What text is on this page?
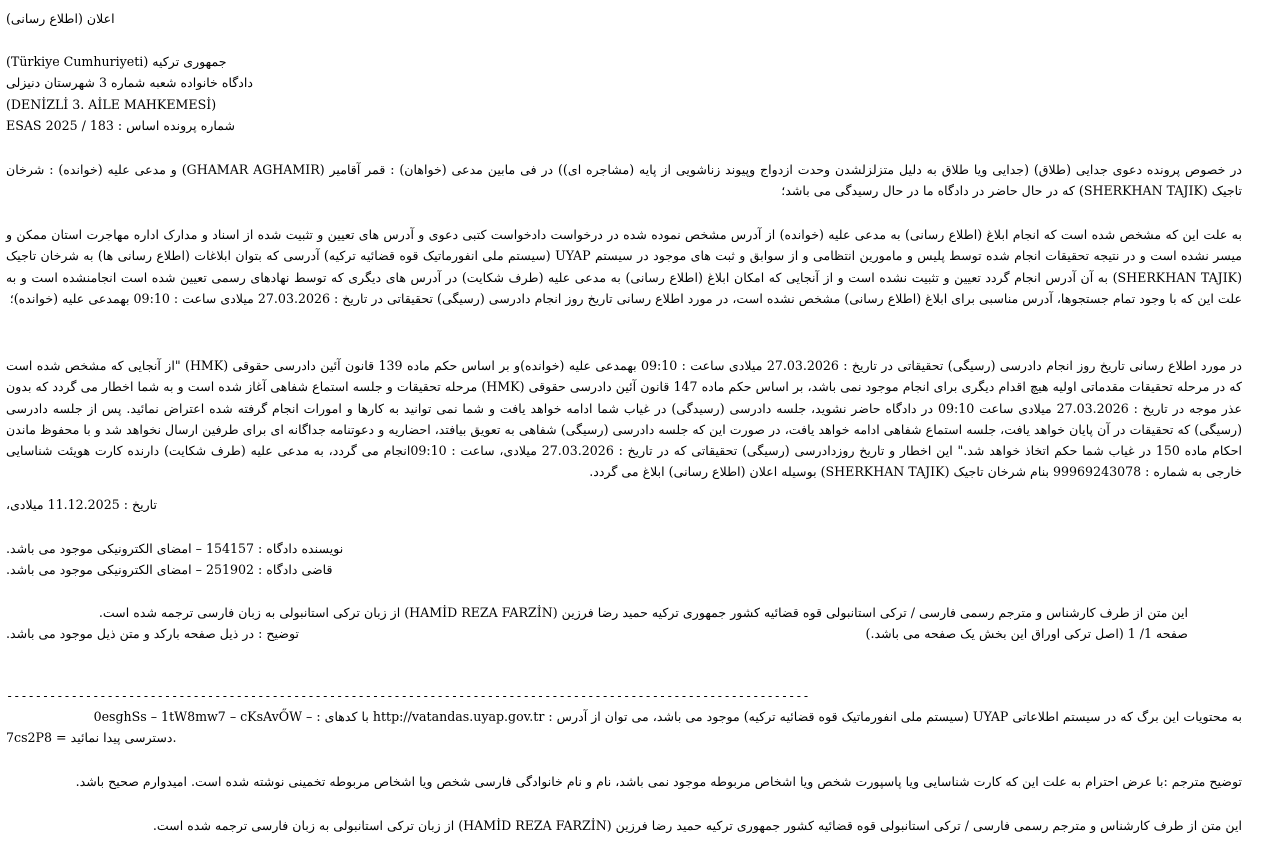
اعلان (اطلاع رسانی)

جمهوری ترکیه (Türkiye Cumhuriyeti)

دادگاه خانواده شعبه شماره 3 شهرستان دنیزلی

(DENİZLİ 3. AİLE MAHKEMESİ)

شماره پرونده اساس : 183 / 2025 ESAS

در خصوص پرونده دعوی جدایی (طلاق) (جدایی ویا طلاق به دلیل متزلزلشدن وحدت ازدواج وپیوند زناشویی از پایه (مشاجره ای)) در فی مابین مدعی (خواهان) : قمر آقامیر (GHAMAR AGHAMIR) و مدعی علیه (خوانده) : شرخان تاجیک (SHERKHAN TAJIK) که در حال حاضر در دادگاه ما در حال رسیدگی می باشد؛
به علت این که مشخص شده است که انجام ابلاغ (اطلاع رسانی) به مدعی علیه (خوانده) از آدرس مشخص نموده شده در درخواست دادخواست کتبی دعوی و آدرس های تعیین و تثبیت شده از اسناد و مدارک اداره مهاجرت استان ممکن و میسر نشده است و در نتیجه تحقیقات انجام شده توسط پلیس و مامورین انتظامی و از سوابق و ثبت های موجود در سیستم UYAP (سیستم ملی انفورماتیک قوه قضائیه ترکیه) آدرسی که بتوان ابلاغات (اطلاع رسانی ها) به شرخان تاجیک (SHERKHAN TAJIK) به آن آدرس انجام گردد تعیین و تثبیت نشده است و از آنجایی که امکان ابلاغ (اطلاع رسانی) به مدعی علیه (طرف شکایت) در آدرس های دیگری که توسط نهادهای رسمی تعیین شده است انجامنشده است و به علت این که با وجود تمام جستجوها، آدرس مناسبی برای ابلاغ (اطلاع رسانی) مشخص نشده است، در مورد اطلاع رسانی تاریخ روز انجام دادرسی (رسیگی) تحقیقاتی در تاریخ : 27.03.2026 میلادی ساعت : 09:10 بهمدعی علیه (خوانده)؛
در مورد اطلاع رسانی تاریخ روز انجام دادرسی (رسیگی) تحقیقاتی در تاریخ : 27.03.2026 میلادی ساعت : 09:10 بهمدعی علیه (خوانده)و بر اساس حکم ماده 139 قانون آئین دادرسی حقوقی (HMK) "از آنجایی که مشخص شده است که در مرحله تحقیقات مقدماتی اولیه هیچ اقدام دیگری برای انجام موجود نمی باشد، بر اساس حکم ماده 147 قانون آئین دادرسی حقوقی (HMK) مرحله تحقیقات و جلسه استماع شفاهی آغاز شده است و به شما اخطار می گردد که بدون عذر موجه در تاریخ : 27.03.2026 میلادی ساعت 09:10 در دادگاه حاضر نشوید، جلسه دادرسی (رسیدگی) در غیاب شما ادامه خواهد یافت و شما نمی توانید به کارها و امورات انجام گرفته شده اعتراض نمائید. پس از جلسه دادرسی (رسیگی) که تحقیقات در آن پایان خواهد یافت، جلسه استماع شفاهی ادامه خواهد یافت، در صورت این که جلسه دادرسی (رسیگی) شفاهی به تعویق بیافتد، احضاریه و دعوتنامه جداگانه ای برای طرفین ارسال نخواهد شد و با محفوظ ماندن احکام ماده 150 در غیاب شما حکم اتخاذ خواهد شد." این اخطار و تاریخ روزدادرسی (رسیگی) تحقیقاتی که در تاریخ : 27.03.2026 میلادی، ساعت : 09:10انجام می گردد، به مدعی علیه (طرف شکایت) دارنده کارت هویئت شناسایی خارجی به شماره : 99969243078 بنام شرخان تاجیک (SHERKHAN TAJIK) بوسیله اعلان (اطلاع رسانی) ابلاغ می گردد.

تاریخ : 11.12.2025 میلادی،

نویسنده دادگاه : 154157 – امضای الکترونیکی موجود می باشد.

قاضی دادگاه : 251902 – امضای الکترونیکی موجود می باشد.

این متن از طرف کارشناس و مترجم رسمی فارسی / ترکی استانبولی قوه قضائیه کشور جمهوری ترکیه حمید رضا فرزین (HAMİD REZA FARZİN) از زبان ترکی استانبولی به زبان فارسی ترجمه شده است.

توضیح : در ذیل صفحه بارکد و متن ذیل موجود می باشد.	صفحه 1/ 1 (اصل ترکی اوراق این بخش یک صفحه می باشد.)
----------------------------------------------------------------------------------------------------------------

به محتویات این برگ که در سیستم اطلاعاتی UYAP (سیستم ملی انفورماتیک قوه قضائیه ترکیه) موجود می باشد، می توان از آدرس : http://vatandas.uyap.gov.tr با کدهای : – 0esghSs – 1tW8mw7 – cKsAvŐW

7cs2P8 = دسترسی پیدا نمائید.

توضیح مترجم :با عرض احترام به علت این که کارت شناسایی ویا پاسپورت شخص ویا اشخاص مربوطه موجود نمی باشد، نام و نام خانوادگی فارسی شخص ویا اشخاص مربوطه تخمینی نوشته شده است. امیدوارم صحیح باشد.

این متن از طرف کارشناس و مترجم رسمی فارسی / ترکی استانبولی قوه قضائیه کشور جمهوری ترکیه حمید رضا فرزین (HAMİD REZA FARZİN) از زبان ترکی استانبولی به زبان فارسی ترجمه شده است.
